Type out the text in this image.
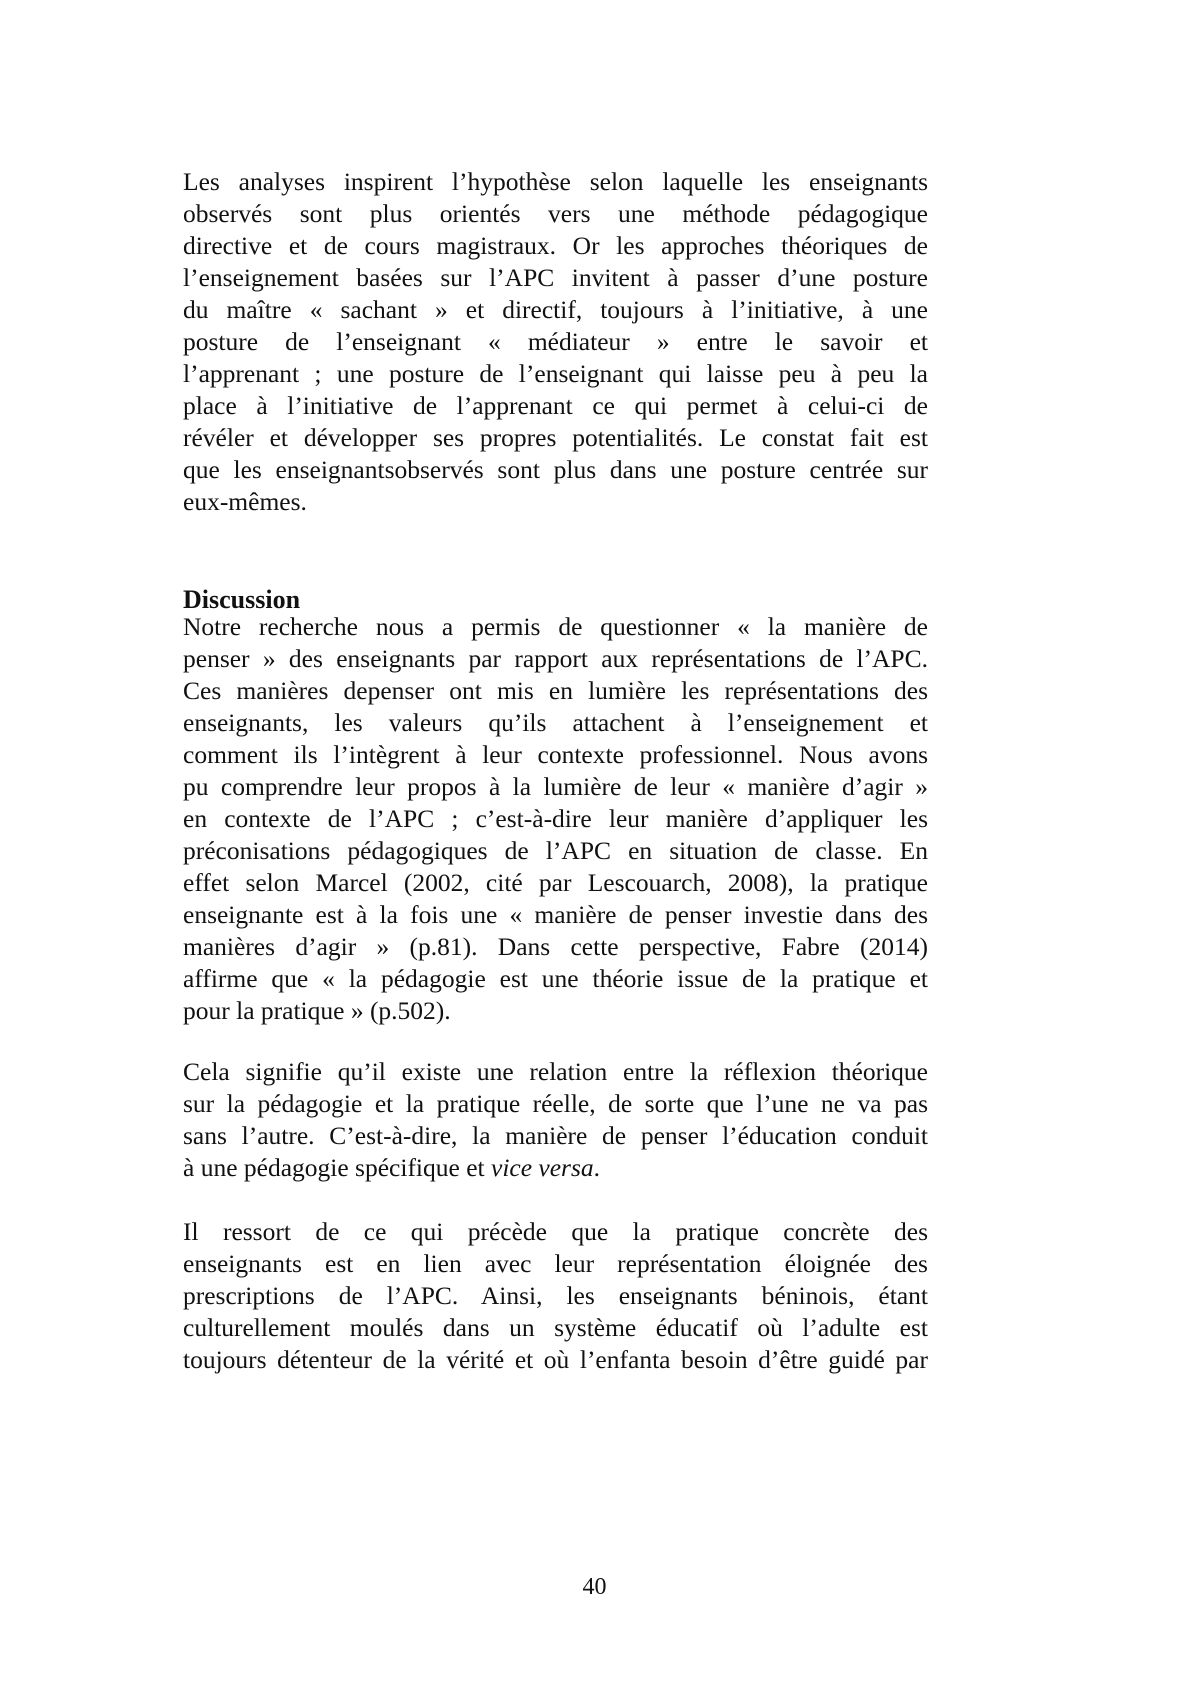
Les analyses inspirent l’hypothèse selon laquelle les enseignants
observés sont plus orientés vers une méthode pédagogique
directive et de cours magistraux. Or les approches théoriques de
l’enseignement basées sur l’APC invitent à passer d’une posture
du maître « sachant » et directif, toujours à l’initiative, à une
posture de l’enseignant « médiateur » entre le savoir et
l’apprenant ; une posture de l’enseignant qui laisse peu à peu la
place à l’initiative de l’apprenant ce qui permet à celui-ci de
révéler et développer ses propres potentialités. Le constat fait est
que les enseignantsobservés sont plus dans une posture centrée sur
eux-mêmes.
Discussion
Notre recherche nous a permis de questionner « la manière de
penser » des enseignants par rapport aux représentations de l’APC.
Ces manières depenser ont mis en lumière les représentations des
enseignants, les valeurs qu’ils attachent à l’enseignement et
comment ils l’intègrent à leur contexte professionnel. Nous avons
pu comprendre leur propos à la lumière de leur « manière d’agir »
en contexte de l’APC ; c’est-à-dire leur manière d’appliquer les
préconisations pédagogiques de l’APC en situation de classe. En
effet selon Marcel (2002, cité par Lescouarch, 2008), la pratique
enseignante est à la fois une « manière de penser investie dans des
manières d’agir » (p.81). Dans cette perspective, Fabre (2014)
affirme que « la pédagogie est une théorie issue de la pratique et
pour la pratique » (p.502).
Cela signifie qu’il existe une relation entre la réflexion théorique
sur la pédagogie et la pratique réelle, de sorte que l’une ne va pas
sans l’autre. C’est-à-dire, la manière de penser l’éducation conduit
à une pédagogie spécifique et vice versa.
Il ressort de ce qui précède que la pratique concrète des
enseignants est en lien avec leur représentation éloignée des
prescriptions de l’APC. Ainsi, les enseignants béninois, étant
culturellement moulés dans un système éducatif où l’adulte est
toujours détenteur de la vérité et où l’enfanta besoin d’être guidé par
40
